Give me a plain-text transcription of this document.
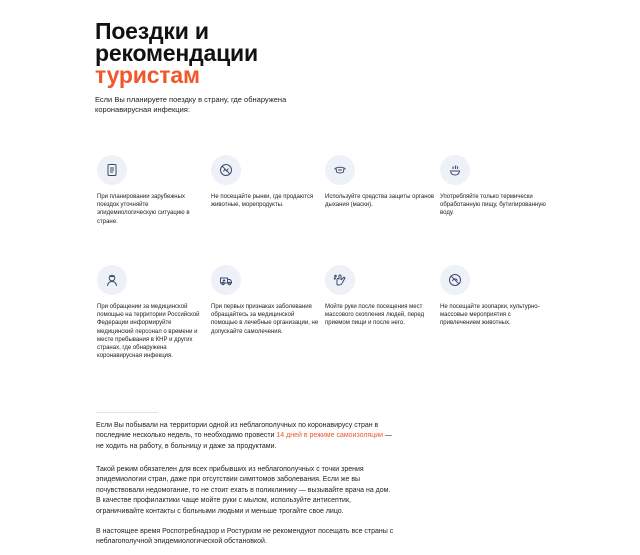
Поездки и
рекомендации
туристам

Если Вы планируете поездку в страну, где обнаружена коронавирусная инфекция:

При планировании зарубежных поездок уточняйте эпидемиологическую ситуацию в стране.
Не посещайте рынки, где продаются животные, морепродукты.
Используйте средства защиты органов дыхания (маски).
Употребляйте только термически обработанную пищу, бутилированную воду.
При обращении за медицинской помощью на территории Российской Федерации информируйте медицинский персонал о времени и месте пребывания в КНР и других странах, где обнаружена коронавирусная инфекция.
При первых признаках заболевания обращайтесь за медицинской помощью в лечебные организации, не допускайте самолечения.
Мойте руки после посещения мест массового скопления людей, перед приемом пищи и после него.
Не посещайте зоопарки, культурно-массовые мероприятия с привлечением животных.

Если Вы побывали на территории одной из неблагополучных по коронавирусу стран в последние несколько недель, то необходимо провести 14 дней в режиме самоизоляции — не ходить на работу, в больницу и даже за продуктами.

Такой режим обязателен для всех прибывших из неблагополучных с точки зрения эпидемиологии стран, даже при отсутствии симптомов заболевания. Если же вы почувствовали недомогание, то не стоит ехать в поликлинику — вызывайте врача на дом. В качестве профилактики чаще мойте руки с мылом, используйте антисептик, ограничивайте контакты с больными людьми и меньше трогайте свое лицо.

В настоящее время Роспотребнадзор и Ростуризм не рекомендуют посещать все страны с неблагополучной эпидемиологической обстановкой.
